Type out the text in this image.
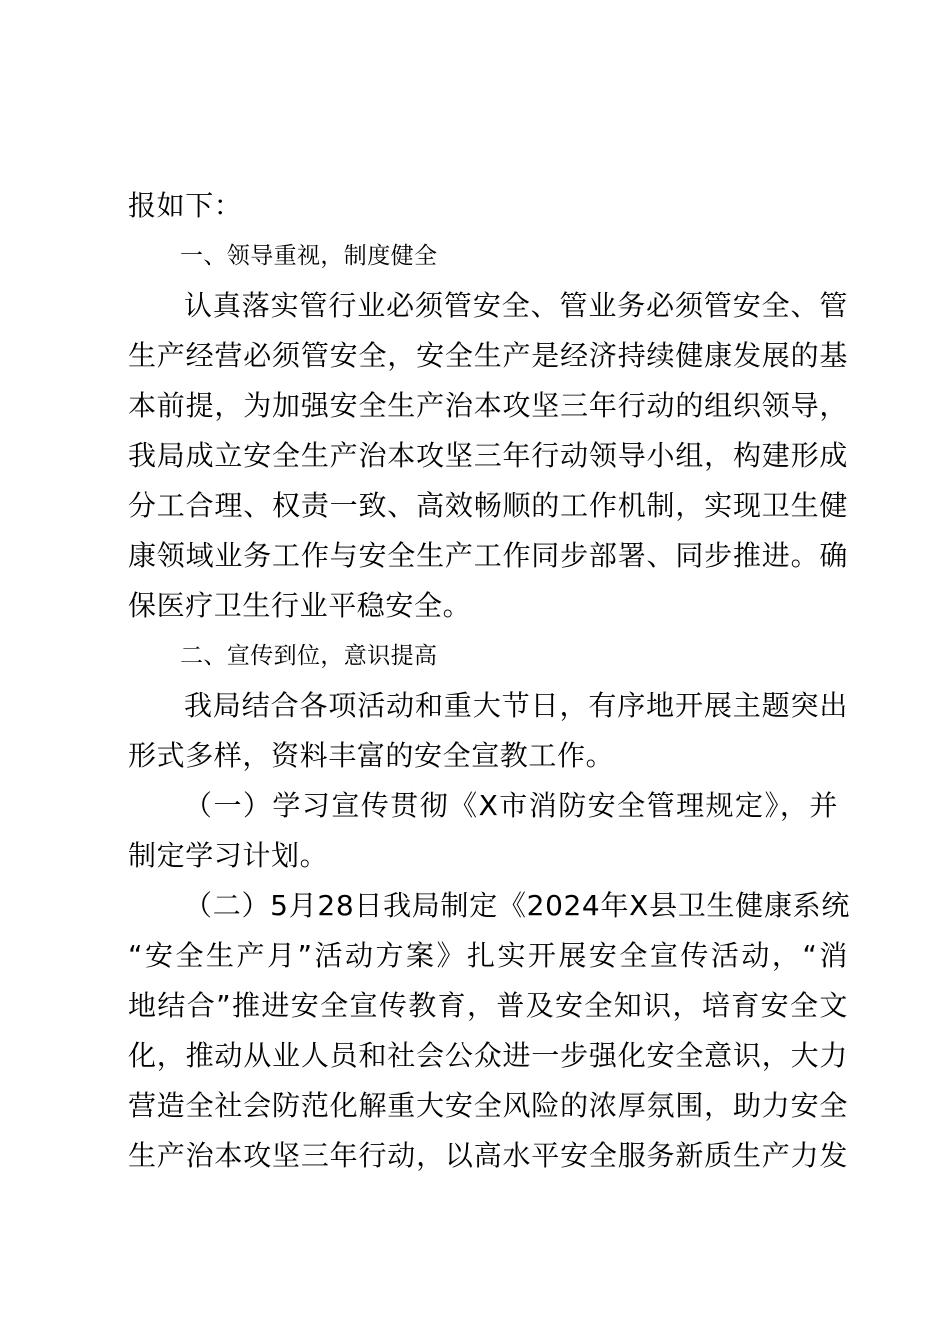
报如下：
一、领导重视，制度健全
认真落实管行业必须管安全、管业务必须管安全、管
生产经营必须管安全，安全生产是经济持续健康发展的基
本前提，为加强安全生产治本攻坚三年行动的组织领导，
我局成立安全生产治本攻坚三年行动领导小组，构建形成
分工合理、权责一致、高效畅顺的工作机制，实现卫生健
康领域业务工作与安全生产工作同步部署、同步推进。确
保医疗卫生行业平稳安全。
二、宣传到位，意识提高
我局结合各项活动和重大节日，有序地开展主题突出
形式多样，资料丰富的安全宣教工作。
（一）学习宣传贯彻《X市消防安全管理规定》，并
制定学习计划。
（二）5月28日我局制定《2024年X县卫生健康系统
“安全生产月”活动方案》扎实开展安全宣传活动，“消
地结合”推进安全宣传教育，普及安全知识，培育安全文
化，推动从业人员和社会公众进一步强化安全意识，大力
营造全社会防范化解重大安全风险的浓厚氛围，助力安全
生产治本攻坚三年行动，以高水平安全服务新质生产力发
